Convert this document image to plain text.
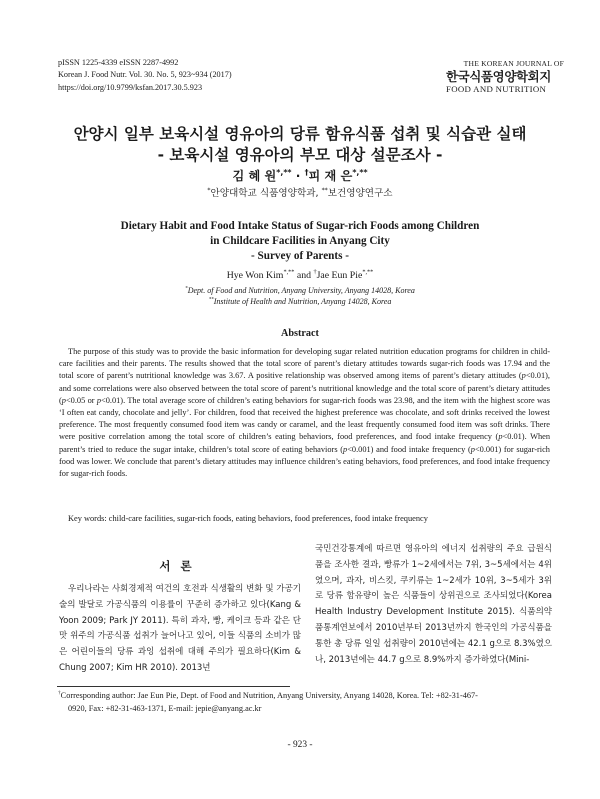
pISSN 1225-4339 eISSN 2287-4992
Korean J. Food Nutr. Vol. 30. No. 5, 923~934 (2017)
https://doi.org/10.9799/ksfan.2017.30.5.923
THE KOREAN JOURNAL OF
한국식품영양학회지
FOOD AND NUTRITION
안양시 일부 보육시설 영유아의 당류 함유식품 섭취 및 식습관 실태
- 보육시설 영유아의 부모 대상 설문조사 -
김 혜 원*,** · †피 재 은*,**
*안양대학교 식품영양학과, **보건영양연구소
Dietary Habit and Food Intake Status of Sugar-rich Foods among Children
in Childcare Facilities in Anyang City
- Survey of Parents -
Hye Won Kim*,** and †Jae Eun Pie*,**
*Dept. of Food and Nutrition, Anyang University, Anyang 14028, Korea
**Institute of Health and Nutrition, Anyang 14028, Korea
Abstract
The purpose of this study was to provide the basic information for developing sugar related nutrition education programs for children in child-care facilities and their parents. The results showed that the total score of parent’s dietary attitudes towards sugar-rich foods was 17.94 and the total score of parent’s nutritional knowledge was 3.67. A positive relationship was observed among items of parent’s dietary attitudes (p<0.01), and some correlations were also observed between the total score of parent’s nutritional knowledge and the total score of parent’s dietary attitudes (p<0.05 or p<0.01). The total average score of children’s eating behaviors for sugar-rich foods was 23.98, and the item with the highest score was ‘I often eat candy, chocolate and jelly’. For children, food that received the highest preference was chocolate, and soft drinks received the lowest preference. The most frequently consumed food item was candy or caramel, and the least frequently consumed food item was soft drinks. There were positive correlation among the total score of children’s eating behaviors, food preferences, and food intake frequency (p<0.01). When parent’s tried to reduce the sugar intake, children’s total score of eating behaviors (p<0.001) and food intake frequency (p<0.001) for sugar-rich food was lower. We conclude that parent’s dietary attitudes may influence children’s eating behaviors, food preferences, and food intake frequency for sugar-rich foods.
Key words: child-care facilities, sugar-rich foods, eating behaviors, food preferences, food intake frequency
서론
우리나라는 사회경제적 여건의 호전과 식생활의 변화 및 가공기술의 발달로 가공식품의 이용률이 꾸준히 증가하고 있다(Kang & Yoon 2009; Park JY 2011). 특히 과자, 빵, 케이크 등과 같은 단맛 위주의 가공식품 섭취가 늘어나고 있어, 이들 식품의 소비가 많은 어린이들의 당류 과잉 섭취에 대해 주의가 필요하다(Kim & Chung 2007; Kim HR 2010). 2013년
국민건강통계에 따르면 영유아의 에너지 섭취량의 주요 급원식품을 조사한 결과, 빵류가 1~2세에서는 7위, 3~5세에서는 4위였으며, 과자, 비스킷, 쿠키류는 1~2세가 10위, 3~5세가 3위로 당류 함유량이 높은 식품들이 상위권으로 조사되었다(Korea Health Industry Development Institute 2015). 식품의약품통계연보에서 2010년부터 2013년까지 한국인의 가공식품을 통한 총 당류 일일 섭취량이 2010년에는 42.1 g으로 8.3%였으나, 2013년에는 44.7 g으로 8.9%까지 증가하였다(Mini-
†Corresponding author: Jae Eun Pie, Dept. of Food and Nutrition, Anyang University, Anyang 14028, Korea. Tel: +82-31-467-
0920, Fax: +82-31-463-1371, E-mail: jepie@anyang.ac.kr
- 923 -
